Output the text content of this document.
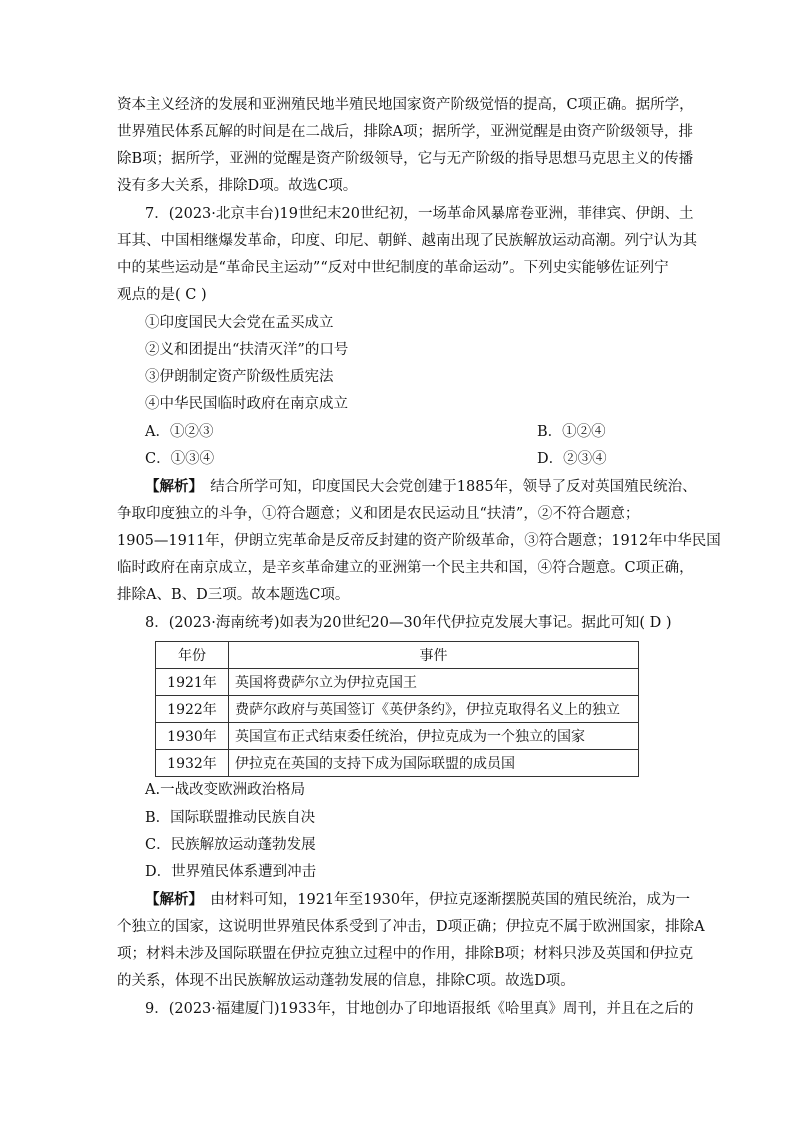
资本主义经济的发展和亚洲殖民地半殖民地国家资产阶级觉悟的提高，C项正确。据所学，
世界殖民体系瓦解的时间是在二战后，排除A项；据所学，亚洲觉醒是由资产阶级领导，排
除B项；据所学，亚洲的觉醒是资产阶级领导，它与无产阶级的指导思想马克思主义的传播
没有多大关系，排除D项。故选C项。
7．(2023·北京丰台)19世纪末20世纪初，一场革命风暴席卷亚洲，菲律宾、伊朗、土
耳其、中国相继爆发革命，印度、印尼、朝鲜、越南出现了民族解放运动高潮。列宁认为其
中的某些运动是“革命民主运动”“反对中世纪制度的革命运动”。下列史实能够佐证列宁
观点的是( C )
①印度国民大会党在孟买成立
②义和团提出“扶清灭洋”的口号
③伊朗制定资产阶级性质宪法
④中华民国临时政府在南京成立
A．①②③	B．①②④
C．①③④	D．②③④
【解析】　结合所学可知，印度国民大会党创建于1885年，领导了反对英国殖民统治、
争取印度独立的斗争，①符合题意；义和团是农民运动且“扶清”，②不符合题意；
1905—1911年，伊朗立宪革命是反帝反封建的资产阶级革命，③符合题意；1912年中华民国
临时政府在南京成立，是辛亥革命建立的亚洲第一个民主共和国，④符合题意。C项正确，
排除A、B、D三项。故本题选C项。
8．(2023·海南统考)如表为20世纪20—30年代伊拉克发展大事记。据此可知( D )
年份	事件
1921年	英国将费萨尔立为伊拉克国王
1922年	费萨尔政府与英国签订《英伊条约》，伊拉克取得名义上的独立
1930年	英国宣布正式结束委任统治，伊拉克成为一个独立的国家
1932年	伊拉克在英国的支持下成为国际联盟的成员国
A.一战改变欧洲政治格局
B．国际联盟推动民族自决
C．民族解放运动蓬勃发展
D．世界殖民体系遭到冲击
【解析】　由材料可知，1921年至1930年，伊拉克逐渐摆脱英国的殖民统治，成为一
个独立的国家，这说明世界殖民体系受到了冲击，D项正确；伊拉克不属于欧洲国家，排除A
项；材料未涉及国际联盟在伊拉克独立过程中的作用，排除B项；材料只涉及英国和伊拉克
的关系，体现不出民族解放运动蓬勃发展的信息，排除C项。故选D项。
9．(2023·福建厦门)1933年，甘地创办了印地语报纸《哈里真》周刊，并且在之后的
